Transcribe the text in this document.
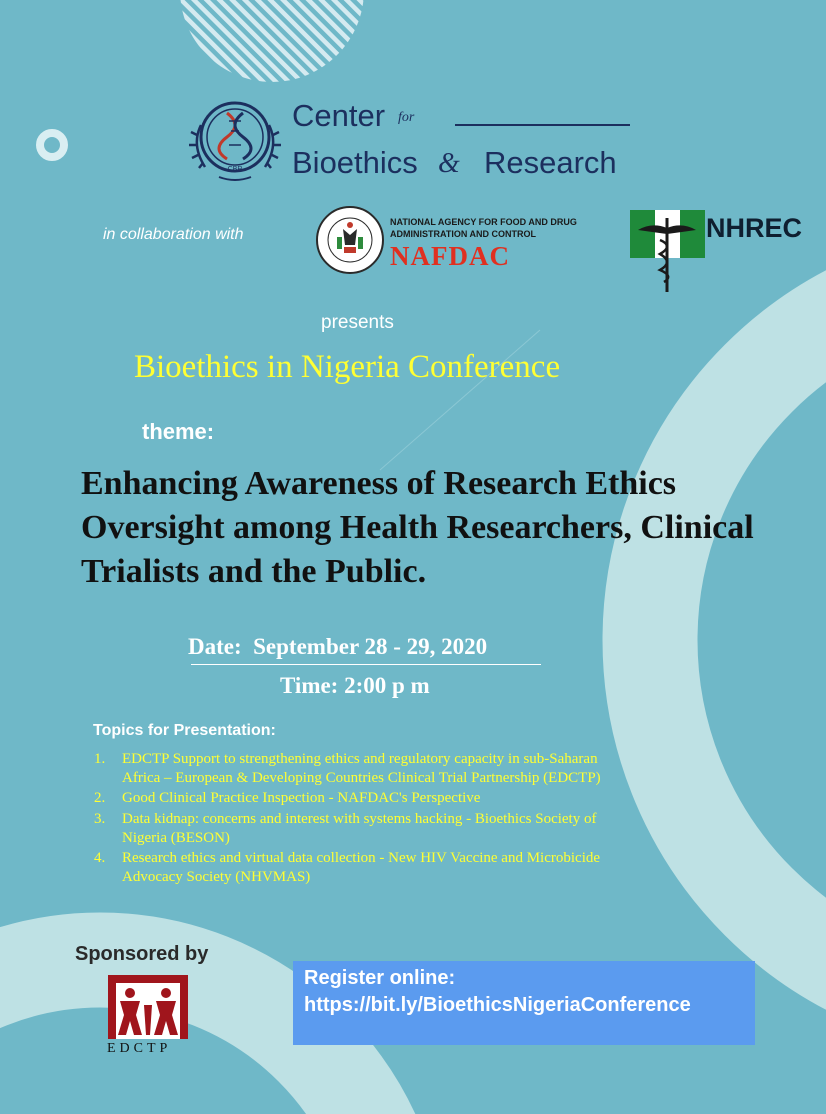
CBR
Center for
Bioethics & Research
in collaboration with
NATIONAL AGENCY FOR FOOD AND DRUG
ADMINISTRATION AND CONTROL
NAFDAC
NHREC
presents
Bioethics in Nigeria Conference
theme:
Enhancing Awareness of Research Ethics Oversight among Health Researchers, Clinical Trialists and the Public.
Date:  September 28 - 29, 2020
Time: 2:00 p m
Topics for Presentation:
1. EDCTP Support to strengthening ethics and regulatory capacity in sub-Saharan
Africa – European & Developing Countries Clinical Trial Partnership (EDCTP)
2. Good Clinical Practice Inspection - NAFDAC's Perspective
3. Data kidnap: concerns and interest with systems hacking - Bioethics Society of
Nigeria (BESON)
4. Research ethics and virtual data collection - New HIV Vaccine and Microbicide
Advocacy Society (NHVMAS)
Sponsored by
EDCTP
Register online:
https://bit.ly/BioethicsNigeriaConference
